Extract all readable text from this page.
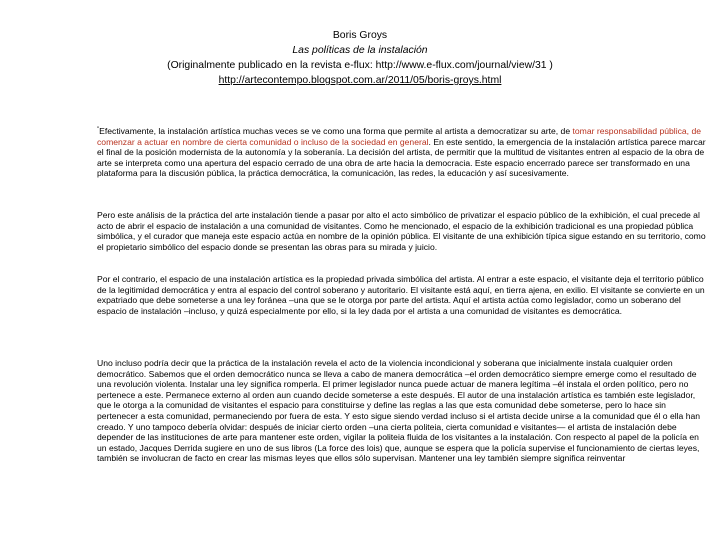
Boris Groys
Las políticas de la instalación
(Originalmente publicado en la revista e-flux: http://www.e-flux.com/journal/view/31 )
http://artecontempo.blogspot.com.ar/2011/05/boris-groys.html
"Efectivamente, la instalación artística muchas veces se ve como una forma que permite al artista a democratizar su arte, de tomar responsabilidad pública, de comenzar a actuar en nombre de cierta comunidad o incluso de la sociedad en general. En este sentido, la emergencia de la instalación artística parece marcar el final de la posición modernista de la autonomía y la soberanía. La decisión del artista, de permitir que la multitud de visitantes entren al espacio de la obra de arte se interpreta como una apertura del espacio cerrado de una obra de arte hacia la democracia. Este espacio encerrado parece ser transformado en una plataforma para la discusión pública, la práctica democrática, la comunicación, las redes, la educación y así sucesivamente.
Pero este análisis de la práctica del arte instalación tiende a pasar por alto el acto simbólico de privatizar el espacio público de la exhibición, el cual precede al acto de abrir el espacio de instalación a una comunidad de visitantes. Como he mencionado, el espacio de la exhibición tradicional es una propiedad pública simbólica, y el curador que maneja este espacio actúa en nombre de la opinión pública. El visitante de una exhibición típica sigue estando en su territorio, como el propietario simbólico del espacio donde se presentan las obras para su mirada y juicio.
Por el contrario, el espacio de una instalación artística es la propiedad privada simbólica del artista. Al entrar a este espacio, el visitante deja el territorio público de la legitimidad democrática y entra al espacio del control soberano y autoritario. El visitante está aquí, en tierra ajena, en exilio. El visitante se convierte en un expatriado que debe someterse a una ley foránea –una que se le otorga por parte del artista. Aquí el artista actúa como legislador, como un soberano del espacio de instalación –incluso, y quizá especialmente por ello, si la ley dada por el artista a una comunidad de visitantes es democrática.
Uno incluso podría decir que la práctica de la instalación revela el acto de la violencia incondicional y soberana que inicialmente instala cualquier orden democrático. Sabemos que el orden democrático nunca se lleva a cabo de manera democrática –el orden democrático siempre emerge como el resultado de una revolución violenta. Instalar una ley significa romperla. El primer legislador nunca puede actuar de manera legítima –él instala el orden político, pero no pertenece a este. Permanece externo al orden aun cuando decide someterse a este después. El autor de una instalación artística es también este legislador, que le otorga a la comunidad de visitantes el espacio para constituirse y define las reglas a las que esta comunidad debe someterse, pero lo hace sin pertenecer a esta comunidad, permaneciendo por fuera de esta. Y esto sigue siendo verdad incluso si el artista decide unirse a la comunidad que él o ella han creado. Y uno tampoco debería olvidar: después de iniciar cierto orden –una cierta politeia, cierta comunidad e visitantes— el artista de instalación debe depender de las instituciones de arte para mantener este orden, vigilar la politeia fluida de los visitantes a la instalación. Con respecto al papel de la policía en un estado, Jacques Derrida sugiere en uno de sus libros (La force des lois) que, aunque se espera que la policía supervise el funcionamiento de ciertas leyes, también se involucran de facto en crear las mismas leyes que ellos sólo supervisan. Mantener una ley también siempre significa reinventar
